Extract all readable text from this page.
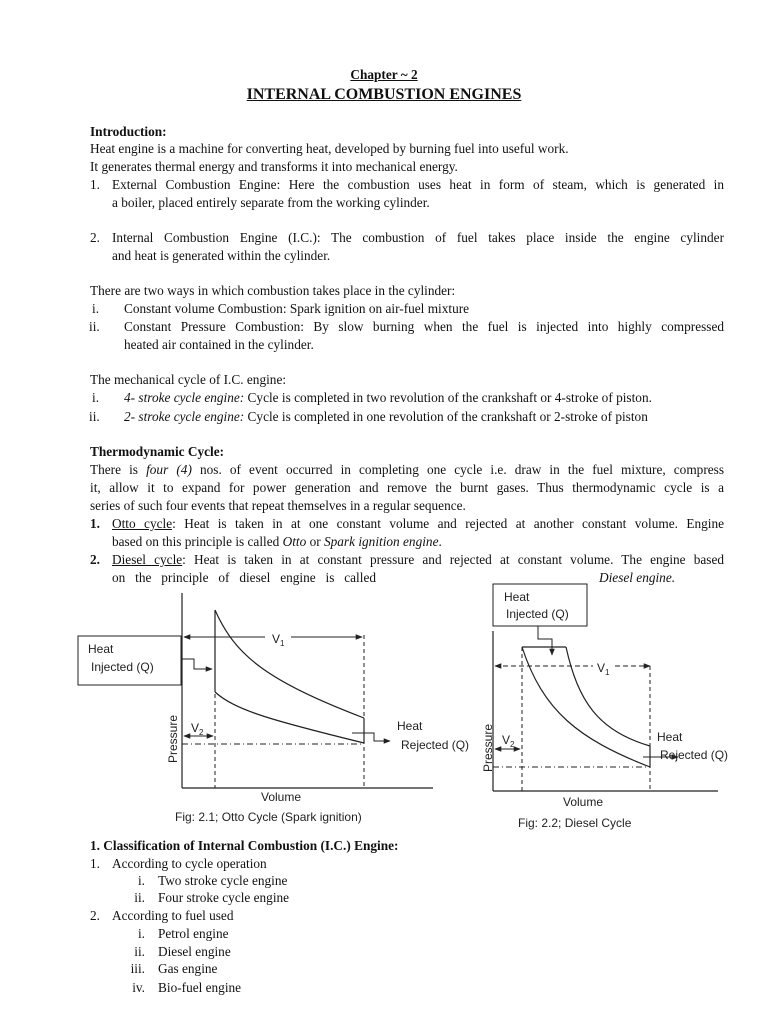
Chapter ~ 2
INTERNAL COMBUSTION ENGINES
Introduction:
Heat engine is a machine for converting heat, developed by burning fuel into useful work.
It generates thermal energy and transforms it into mechanical energy.
1. External Combustion Engine: Here the combustion uses heat in form of steam, which is generated in
a boiler, placed entirely separate from the working cylinder.
2. Internal Combustion Engine (I.C.): The combustion of fuel takes place inside the engine cylinder
and heat is generated within the cylinder.
There are two ways in which combustion takes place in the cylinder:
i. Constant volume Combustion: Spark ignition on air-fuel mixture
ii. Constant Pressure Combustion: By slow burning when the fuel is injected into highly compressed
heated air contained in the cylinder.
The mechanical cycle of I.C. engine:
i. 4- stroke cycle engine: Cycle is completed in two revolution of the crankshaft or 4-stroke of piston.
ii. 2- stroke cycle engine: Cycle is completed in one revolution of the crankshaft or 2-stroke of piston
Thermodynamic Cycle:
There is four (4) nos. of event occurred in completing one cycle i.e. draw in the fuel mixture, compress
it, allow it to expand for power generation and remove the burnt gases. Thus thermodynamic cycle is a
series of such four events that repeat themselves in a regular sequence.
1. Otto cycle: Heat is taken in at one constant volume and rejected at another constant volume. Engine
based on this principle is called Otto or Spark ignition engine.
2. Diesel cycle: Heat is taken in at constant pressure and rejected at constant volume. The engine based
on the principle of diesel engine is called	Diesel engine.
Heat
Injected (Q)
$V_1$
$V_2$	Heat
Rejected (Q)
Pressure
Volume
Fig: 2.1; Otto Cycle (Spark ignition)
Heat
Injected (Q)
$V_1$
$V_2$
Heat
Rejected (Q)
Pressure
Volume
Fig: 2.2; Diesel Cycle
1. Classification of Internal Combustion (I.C.) Engine:
1. According to cycle operation
i. Two stroke cycle engine
ii. Four stroke cycle engine
2. According to fuel used
i. Petrol engine
ii. Diesel engine
iii. Gas engine
iv. Bio-fuel engine
